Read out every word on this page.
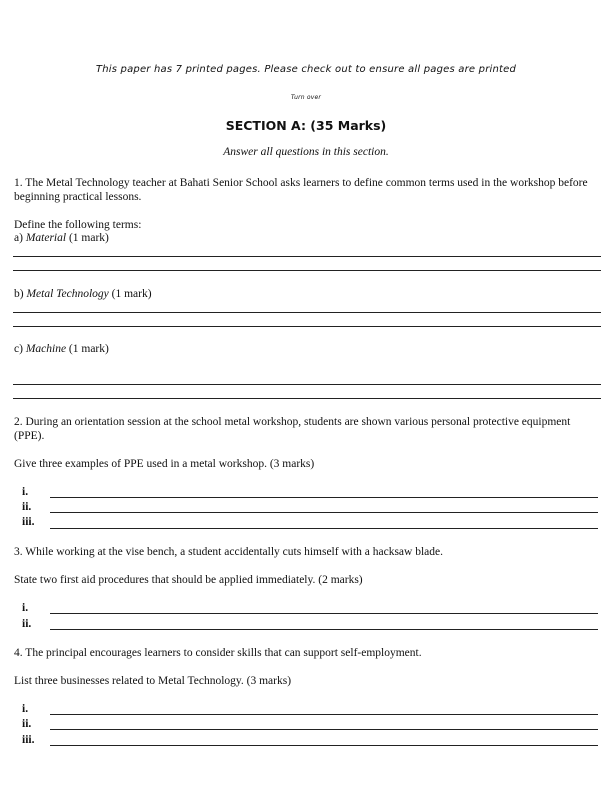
This paper has 7 printed pages. Please check out to ensure all pages are printed
Turn over
SECTION A: (35 Marks)
Answer all questions in this section.
1. The Metal Technology teacher at Bahati Senior School asks learners to define common terms used in the workshop before beginning practical lessons.
Define the following terms:
a) Material (1 mark)
b) Metal Technology (1 mark)
c) Machine (1 mark)
2. During an orientation session at the school metal workshop, students are shown various personal protective equipment (PPE).
Give three examples of PPE used in a metal workshop. (3 marks)
i.
ii.
iii.
3. While working at the vise bench, a student accidentally cuts himself with a hacksaw blade.
State two first aid procedures that should be applied immediately. (2 marks)
i.
ii.
4. The principal encourages learners to consider skills that can support self-employment.
List three businesses related to Metal Technology. (3 marks)
i.
ii.
iii.
